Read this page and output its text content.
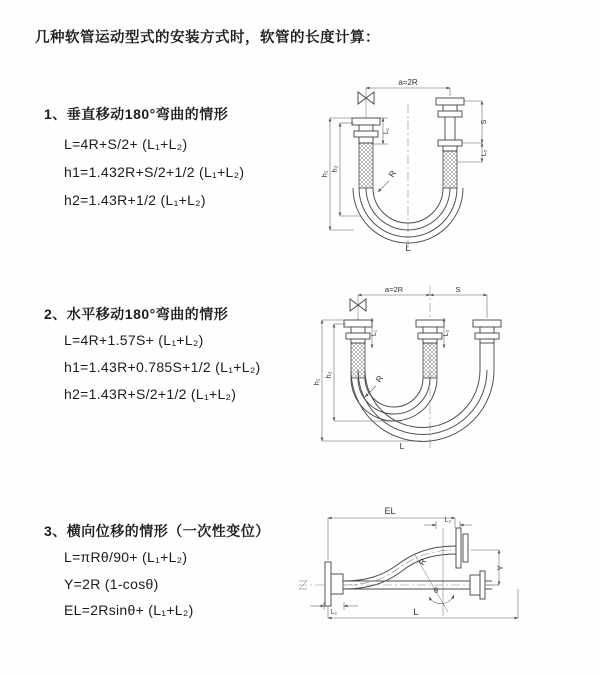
几种软管运动型式的安装方式时，软管的长度计算：
1、垂直移动180°弯曲的情形
L=4R+S/2+ (L₁+L₂)
h1=1.432R+S/2+1/2 (L₁+L₂)
h2=1.43R+1/2 (L₁+L₂)
a=2R
h₁
h₂
L₁
S
L₂
R
L
2、水平移动180°弯曲的情形
L=4R+1.57S+ (L₁+L₂)
h1=1.43R+0.785S+1/2 (L₁+L₂)
h2=1.43R+S/2+1/2 (L₁+L₂)
a=2R	S
h₁
h₂
L₁	L₂
R
L
3、横向位移的情形（一次性变位）
L=πRθ/90+ (L₁+L₂)
Y=2R (1-cosθ)
EL=2Rsinθ+ (L₁+L₂)
EL
L₂
θ
R
Y
L₁	L
